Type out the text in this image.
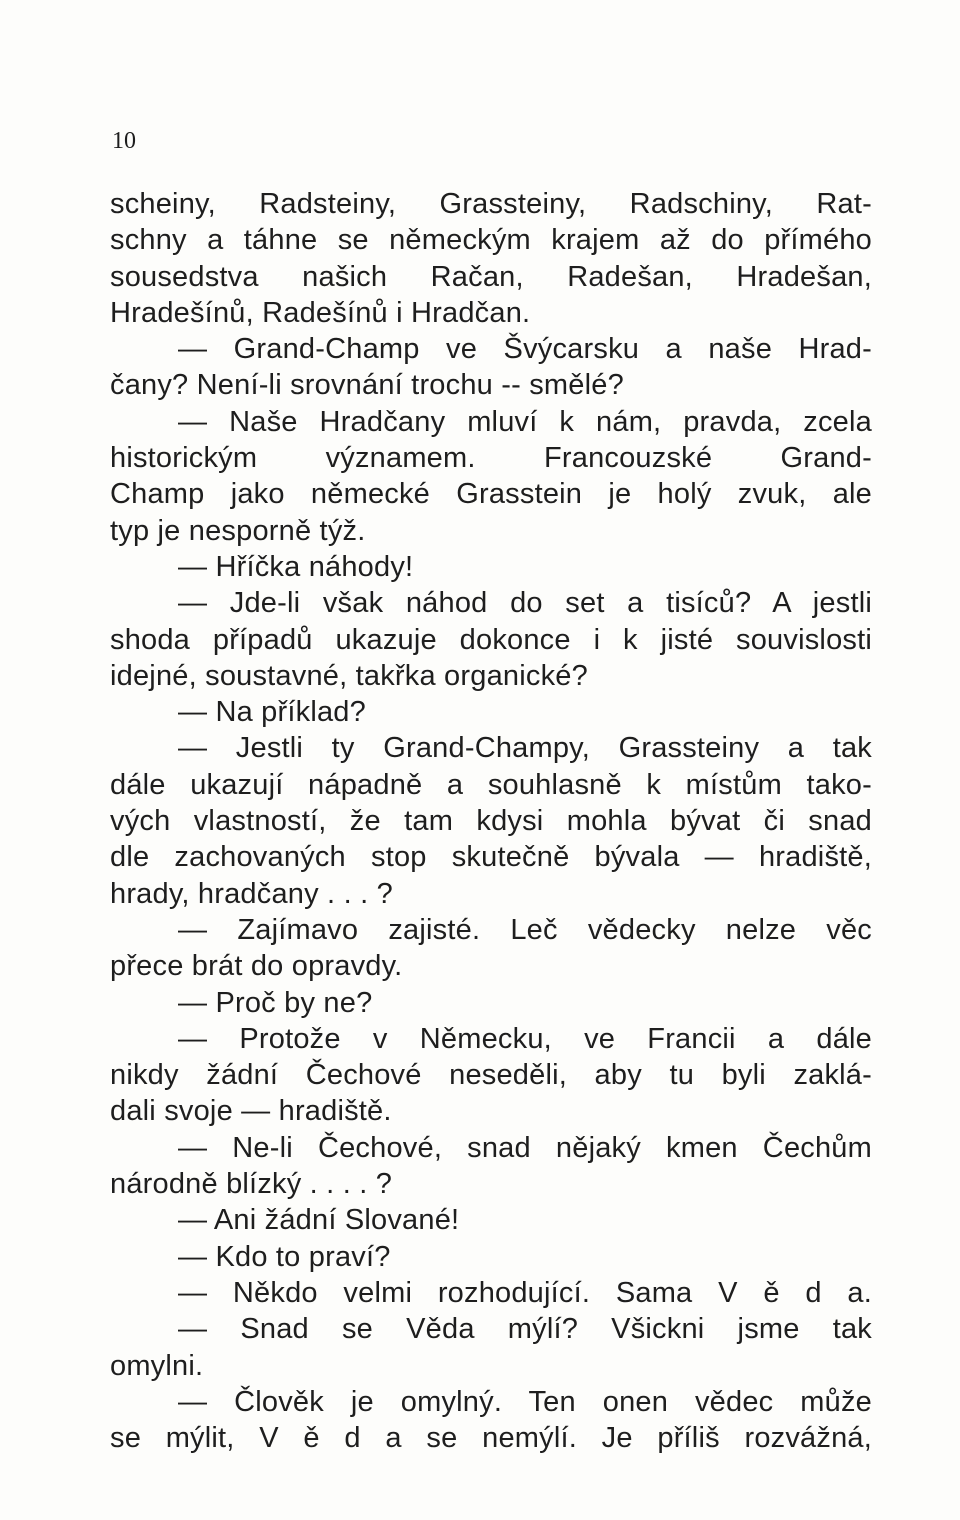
10
scheiny, Radsteiny, Grassteiny, Radschiny, Rat-
schny a táhne se německým krajem až do přímého
sousedstva našich Račan, Radešan, Hradešan,
Hradešínů, Radešínů i Hradčan.
— Grand-Champ ve Švýcarsku a naše Hrad-
čany? Není-li srovnání trochu -- smělé?
— Naše Hradčany mluví k nám, pravda, zcela
historickým významem. Francouzské Grand-
Champ jako německé Grasstein je holý zvuk, ale
typ je nesporně týž.
— Hříčka náhody!
— Jde-li však náhod do set a tisíců? A jestli
shoda případů ukazuje dokonce i k jisté souvislosti
idejné, soustavné, takřka organické?
— Na příklad?
— Jestli ty Grand-Champy, Grassteiny a tak
dále ukazují nápadně a souhlasně k místům tako-
vých vlastností, že tam kdysi mohla bývat či snad
dle zachovaných stop skutečně bývala — hradiště,
hrady, hradčany . . . ?
— Zajímavo zajisté. Leč vědecky nelze věc
přece brát do opravdy.
— Proč by ne?
— Protože v Německu, ve Francii a dále
nikdy žádní Čechové neseděli, aby tu byli zaklá-
dali svoje — hradiště.
— Ne-li Čechové, snad nějaký kmen Čechům
národně blízký . . . . ?
— Ani žádní Slované!
— Kdo to praví?
— Někdo velmi rozhodující. Sama V ě d a.
— Snad se Věda mýlí? Všickni jsme tak
omylni.
— Člověk je omylný. Ten onen vědec může
se mýlit, V ě d a se nemýlí. Je příliš rozvážná,
